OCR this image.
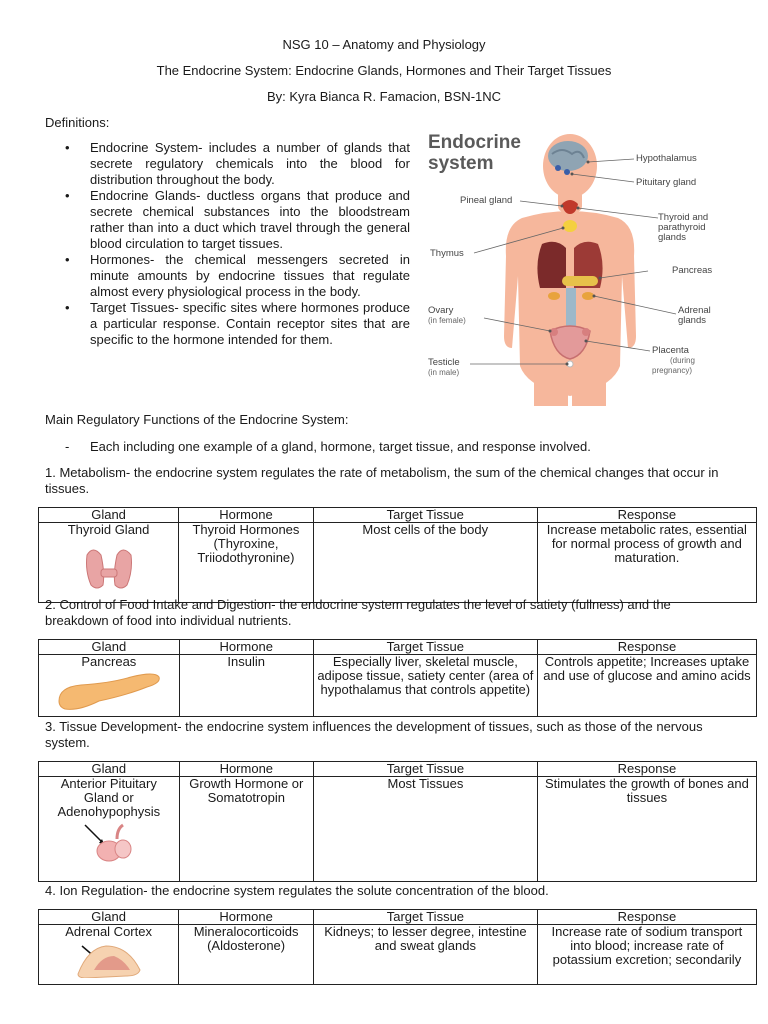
NSG 10 – Anatomy and Physiology
The Endocrine System: Endocrine Glands, Hormones and Their Target Tissues
By: Kyra Bianca R. Famacion, BSN-1NC
Definitions:
• Endocrine System- includes a number of glands that secrete regulatory chemicals into the blood for distribution throughout the body.
• Endocrine Glands- ductless organs that produce and secrete chemical substances into the bloodstream rather than into a duct which travel through the general blood circulation to target tissues.
• Hormones- the chemical messengers secreted in minute amounts by endocrine tissues that regulate almost every physiological process in the body.
• Target Tissues- specific sites where hormones produce a particular response. Contain receptor sites that are specific to the hormone intended for them.
Endocrine
system	Hypothalamus
Pituitary gland
Pineal gland
Thyroid and
parathyroid
glands
Thymus
Pancreas
Ovary
(in female)
Adrenal
glands
Testicle
(in male)
Placenta
(during
pregnancy)
Main Regulatory Functions of the Endocrine System:
- Each including one example of a gland, hormone, target tissue, and response involved.
1. Metabolism- the endocrine system regulates the rate of metabolism, the sum of the chemical changes that occur in tissues.
Gland	Hormone	Target Tissue	Response

Thyroid Gland	Thyroid Hormones (Thyroxine, Triiodothyronine)	Most cells of the body	Increase metabolic rates, essential for normal process of growth and maturation.
2. Control of Food Intake and Digestion- the endocrine system regulates the level of satiety (fullness) and the breakdown of food into individual nutrients.
Gland	Hormone	Target Tissue	Response

Pancreas	Insulin	Especially liver, skeletal muscle, adipose tissue, satiety center (area of hypothalamus that controls appetite)	Controls appetite; Increases uptake and use of glucose and amino acids
3. Tissue Development- the endocrine system influences the development of tissues, such as those of the nervous system.
Gland	Hormone	Target Tissue	Response

Anterior Pituitary Gland or Adenohypophysis	Growth Hormone or Somatotropin	Most Tissues	Stimulates the growth of bones and tissues
4. Ion Regulation- the endocrine system regulates the solute concentration of the blood.
Gland	Hormone	Target Tissue	Response

Adrenal Cortex	Mineralocorticoids (Aldosterone)	Kidneys; to lesser degree, intestine and sweat glands	Increase rate of sodium transport into blood; increase rate of potassium excretion; secondarily
